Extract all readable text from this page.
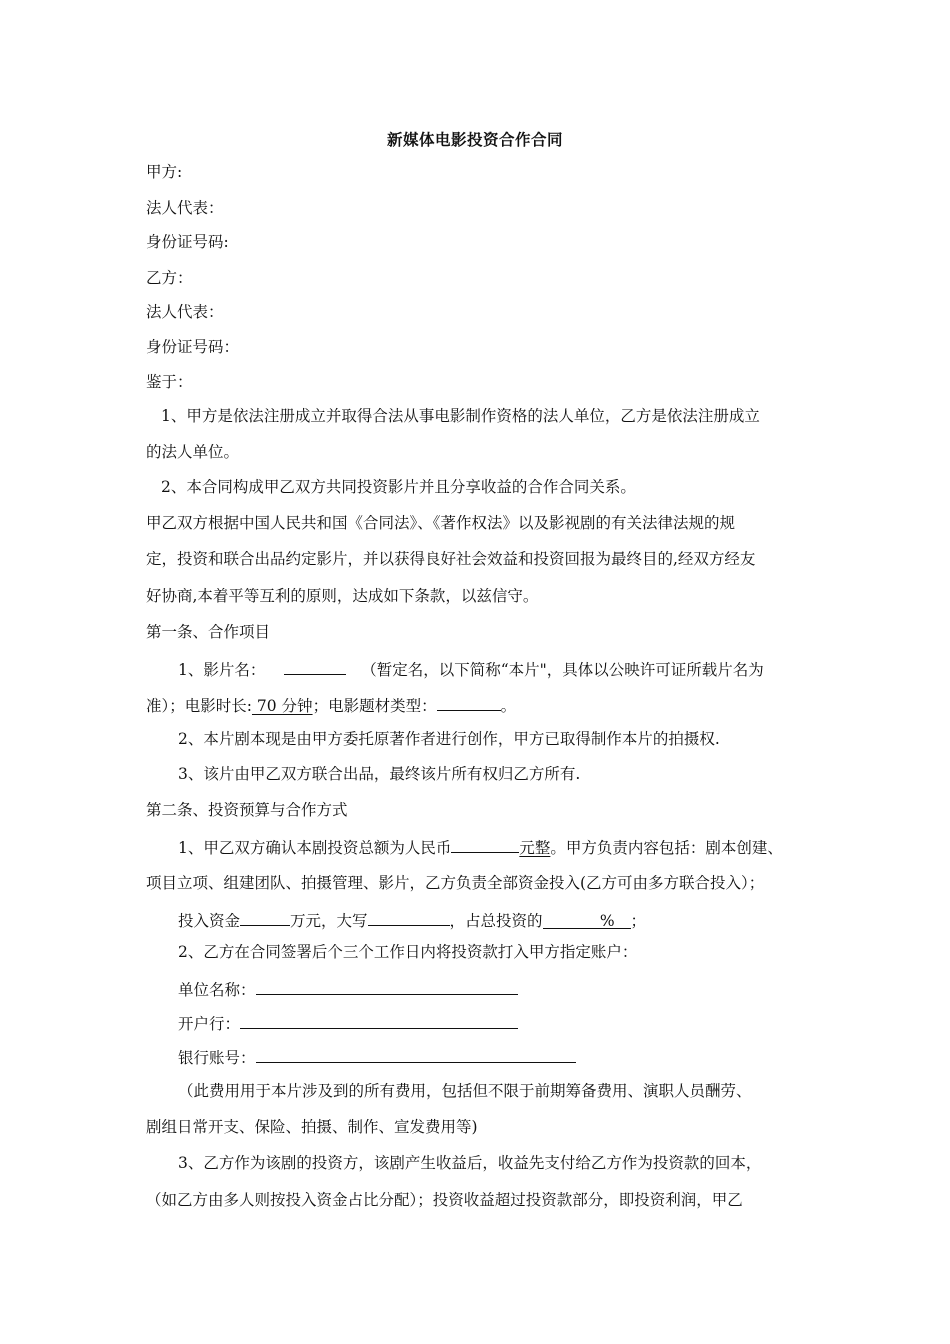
新媒体电影投资合作合同
甲方:
法人代表：
身份证号码:
乙方：
法人代表：
身份证号码：
鉴于：
1、甲方是依法注册成立并取得合法从事电影制作资格的法人单位，乙方是依法注册成立
的法人单位。
2、本合同构成甲乙双方共同投资影片并且分享收益的合作合同关系。
甲乙双方根据中国人民共和国《合同法》、《著作权法》以及影视剧的有关法律法规的规
定，投资和联合出品约定影片，并以获得良好社会效益和投资回报为最终目的,经双方经友
好协商,本着平等互利的原则，达成如下条款，以兹信守。
第一条、合作项目
1、影片名：	（暂定名，以下简称“本片"，具体以公映许可证所载片名为
准）；电影时长: 70 分钟；电影题材类型：	。
2、本片剧本现是由甲方委托原著作者进行创作，甲方已取得制作本片的拍摄权.
3、该片由甲乙双方联合出品，最终该片所有权归乙方所有.
第二条、投资预算与合作方式
1、甲乙双方确认本剧投资总额为人民币	元整。甲方负责内容包括：剧本创建、
项目立项、组建团队、拍摄管理、影片，乙方负责全部资金投入(乙方可由多方联合投入）；
投入资金	万元，大写	，占总投资的	% ；
2、乙方在合同签署后个三个工作日内将投资款打入甲方指定账户：
单位名称：
开户行：
银行账号：
（此费用用于本片涉及到的所有费用，包括但不限于前期筹备费用、演职人员酬劳、
剧组日常开支、保险、拍摄、制作、宣发费用等)
3、乙方作为该剧的投资方，该剧产生收益后，收益先支付给乙方作为投资款的回本，
（如乙方由多人则按投入资金占比分配）；投资收益超过投资款部分，即投资利润，甲乙
